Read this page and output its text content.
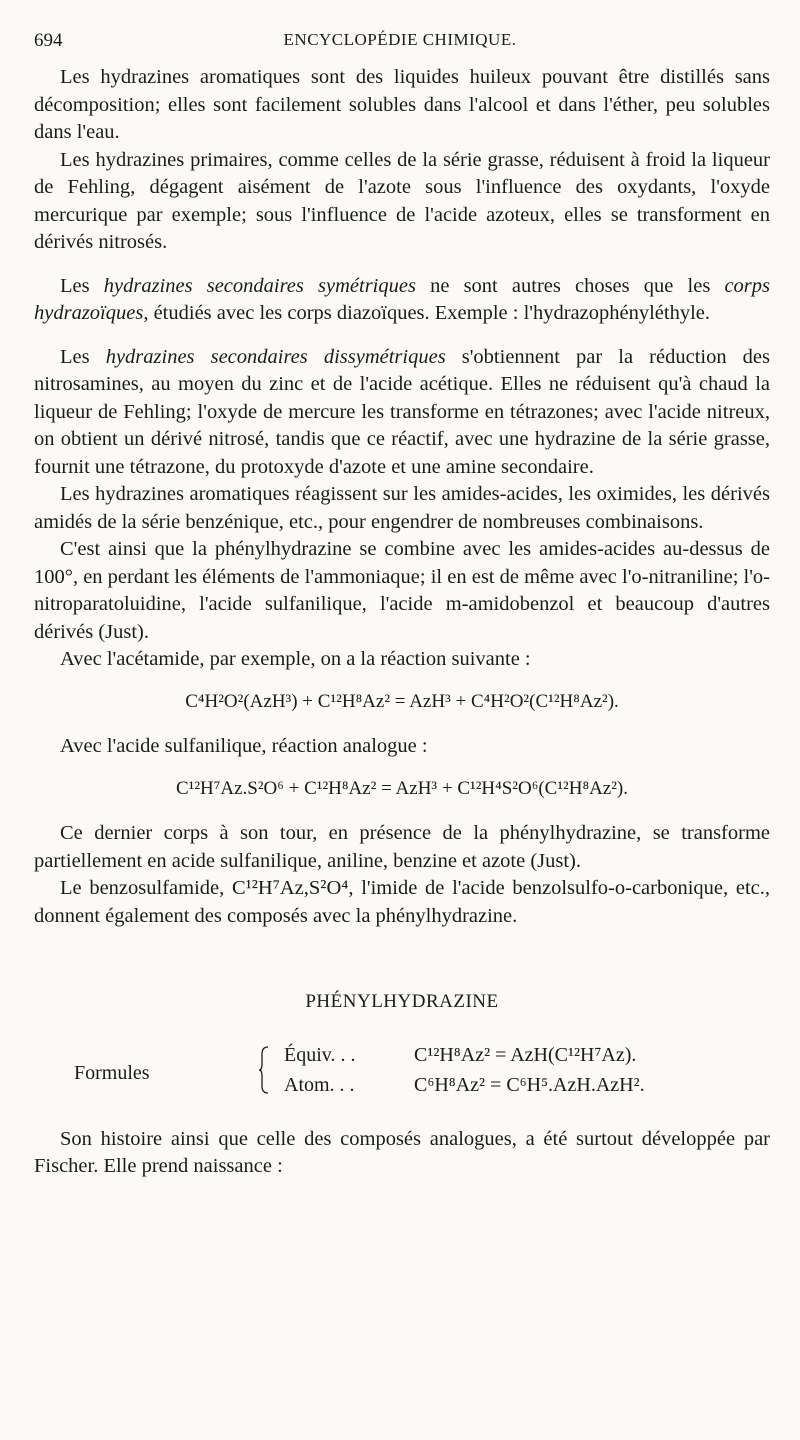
694	ENCYCLOPÉDIE CHIMIQUE.

Les hydrazines aromatiques sont des liquides huileux pouvant être distillés sans décomposition; elles sont facilement solubles dans l'alcool et dans l'éther, peu solubles dans l'eau.

Les hydrazines primaires, comme celles de la série grasse, réduisent à froid la liqueur de Fehling, dégagent aisément de l'azote sous l'influence des oxydants, l'oxyde mercurique par exemple; sous l'influence de l'acide azoteux, elles se transforment en dérivés nitrosés.

Les hydrazines secondaires symétriques ne sont autres choses que les corps hydrazoïques, étudiés avec les corps diazoïques. Exemple : l'hydrazophényléthyle.

Les hydrazines secondaires dissymétriques s'obtiennent par la réduction des nitrosamines, au moyen du zinc et de l'acide acétique. Elles ne réduisent qu'à chaud la liqueur de Fehling; l'oxyde de mercure les transforme en tétrazones; avec l'acide nitreux, on obtient un dérivé nitrosé, tandis que ce réactif, avec une hydrazine de la série grasse, fournit une tétrazone, du protoxyde d'azote et une amine secondaire.

Les hydrazines aromatiques réagissent sur les amides-acides, les oximides, les dérivés amidés de la série benzénique, etc., pour engendrer de nombreuses combinaisons.

C'est ainsi que la phénylhydrazine se combine avec les amides-acides au-dessus de 100°, en perdant les éléments de l'ammoniaque; il en est de même avec l'o-nitraniline; l'o-nitroparatoluidine, l'acide sulfanilique, l'acide m-amidobenzol et beaucoup d'autres dérivés (Just).

Avec l'acétamide, par exemple, on a la réaction suivante :

C⁴H²O²(AzH³) + C¹²H⁸Az² = AzH³ + C⁴H²O²(C¹²H⁸Az²).

Avec l'acide sulfanilique, réaction analogue :

C¹²H⁷Az.S²O⁶ + C¹²H⁸Az² = AzH³ + C¹²H⁴S²O⁶(C¹²H⁸Az²).

Ce dernier corps à son tour, en présence de la phénylhydrazine, se transforme partiellement en acide sulfanilique, aniline, benzine et azote (Just).

Le benzosulfamide, C¹²H⁷Az,S²O⁴, l'imide de l'acide benzolsulfo-o-carbonique, etc., donnent également des composés avec la phénylhydrazine.

PHÉNYLHYDRAZINE
Formules
Équiv. . .	C¹²H⁸Az² = AzH(C¹²H⁷Az).
Atom. . .	C⁶H⁸Az² = C⁶H⁵.AzH.AzH².

Son histoire ainsi que celle des composés analogues, a été surtout développée par Fischer. Elle prend naissance :
